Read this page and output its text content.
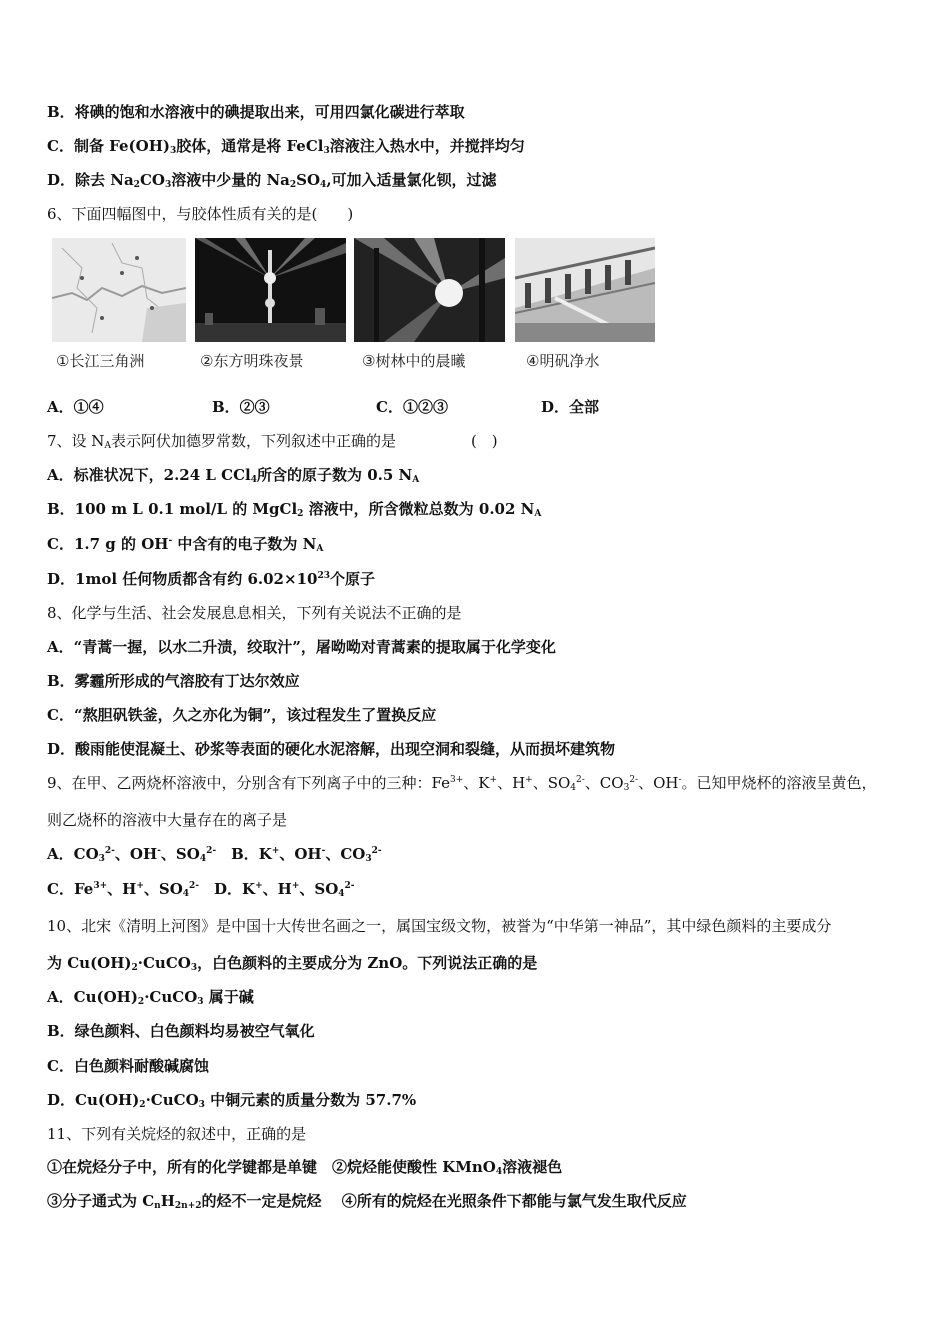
B．将碘的饱和水溶液中的碘提取出来，可用四氯化碳进行萃取
C．制备 $Fe(OH)_3$胶体，通常是将 FeCl$_3$溶液注入热水中，并搅拌均匀
D．除去 $Na_2CO_3$溶液中少量的 $Na_2SO_4$,可加入适量氯化钡，过滤
6、下面四幅图中，与胶体性质有关的是(　　)
①长江三角洲	②东方明珠夜景	③树林中的晨曦	④明矾净水
A．①④	B．②③	C．①②③	D．全部
7、设 $N_A$表示阿伏加德罗常数，下列叙述中正确的是　　　　　(　)
A．标准状况下，2.24 L CCl$_4$所含的原子数为 0.5 $N_A$
B．100 m L 0.1 mol/L 的 MgCl$_2$ 溶液中，所含微粒总数为 0.02 $N_A$
C．1.7 g 的 OH- 中含有的电子数为 $N_A$
D．1mol 任何物质都含有约 $6.02\times 10^{23}$个原子
8、化学与生活、社会发展息息相关，下列有关说法不正确的是
A．“青蒿一握，以水二升渍，绞取汁”，屠呦呦对青蒿素的提取属于化学变化
B．雾霾所形成的气溶胶有丁达尔效应
C．“熬胆矾铁釜，久之亦化为铜”，该过程发生了置换反应
D．酸雨能使混凝土、砂浆等表面的硬化水泥溶解，出现空洞和裂缝，从而损坏建筑物
9、在甲、乙两烧杯溶液中，分别含有下列离子中的三种：$Fe^{3+}$、K+、H+、$SO_4^{2-}$、$CO_3^{2-}$、OH-。已知甲烧杯的溶液呈黄色，
则乙烧杯的溶液中大量存在的离子是
A．$CO_3^{2-}$、OH-、$SO_4^{2-}$　B．K+、OH-、$CO_3^{2-}$
C．$Fe^{3+}$、H+、$SO_4^{2-}$　D．K+、H+、$SO_4^{2-}$
10、北宋《清明上河图》是中国十大传世名画之一，属国宝级文物，被誉为“中华第一神品”，其中绿色颜料的主要成分
为 $Cu(OH)_2\cdot CuCO_3$，白色颜料的主要成分为 ZnO。下列说法正确的是
A．$Cu(OH)_2\cdot CuCO_3$ 属于碱
B．绿色颜料、白色颜料均易被空气氧化
C．白色颜料耐酸碱腐蚀
D．$Cu(OH)_2\cdot CuCO_3$ 中铜元素的质量分数为 57.7%
11、下列有关烷烃的叙述中，正确的是
①在烷烃分子中，所有的化学键都是单键　②烷烃能使酸性 KMnO$_4$溶液褪色
③分子通式为 $C_nH_{2n+2}$的烃不一定是烷烃　 ④所有的烷烃在光照条件下都能与氯气发生取代反应
